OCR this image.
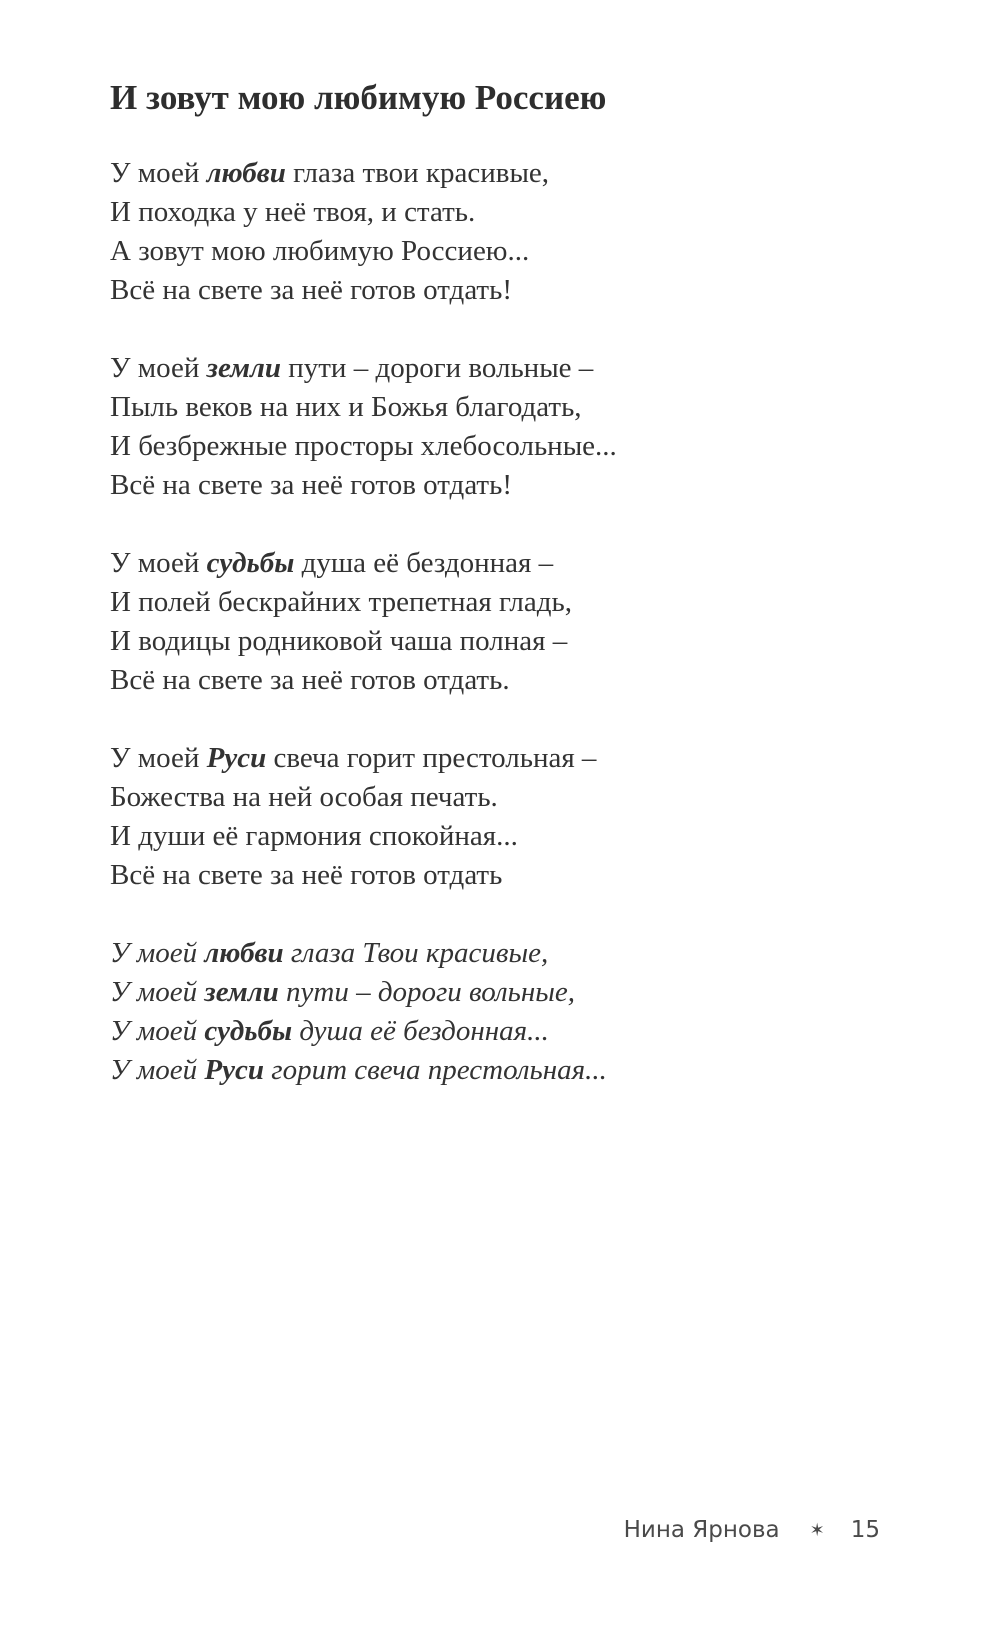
И зовут мою любимую Россиею
У моей любви глаза твои красивые,
И походка у неё твоя, и стать.
А зовут мою любимую Россиею...
Всё на свете за неё готов отдать!
У моей земли пути – дороги вольные –
Пыль веков на них и Божья благодать,
И безбрежные просторы хлебосольные...
Всё на свете за неё готов отдать!
У моей судьбы душа её бездонная –
И полей бескрайних трепетная гладь,
И водицы родниковой чаша полная –
Всё на свете за неё готов отдать.
У моей Руси свеча горит престольная –
Божества на ней особая печать.
И души её гармония спокойная...
Всё на свете за неё готов отдать
У моей любви глаза Твои красивые,
У моей земли пути – дороги вольные,
У моей судьбы душа её бездонная...
У моей Руси горит свеча престольная...
Нина Ярнова ✶ 15
